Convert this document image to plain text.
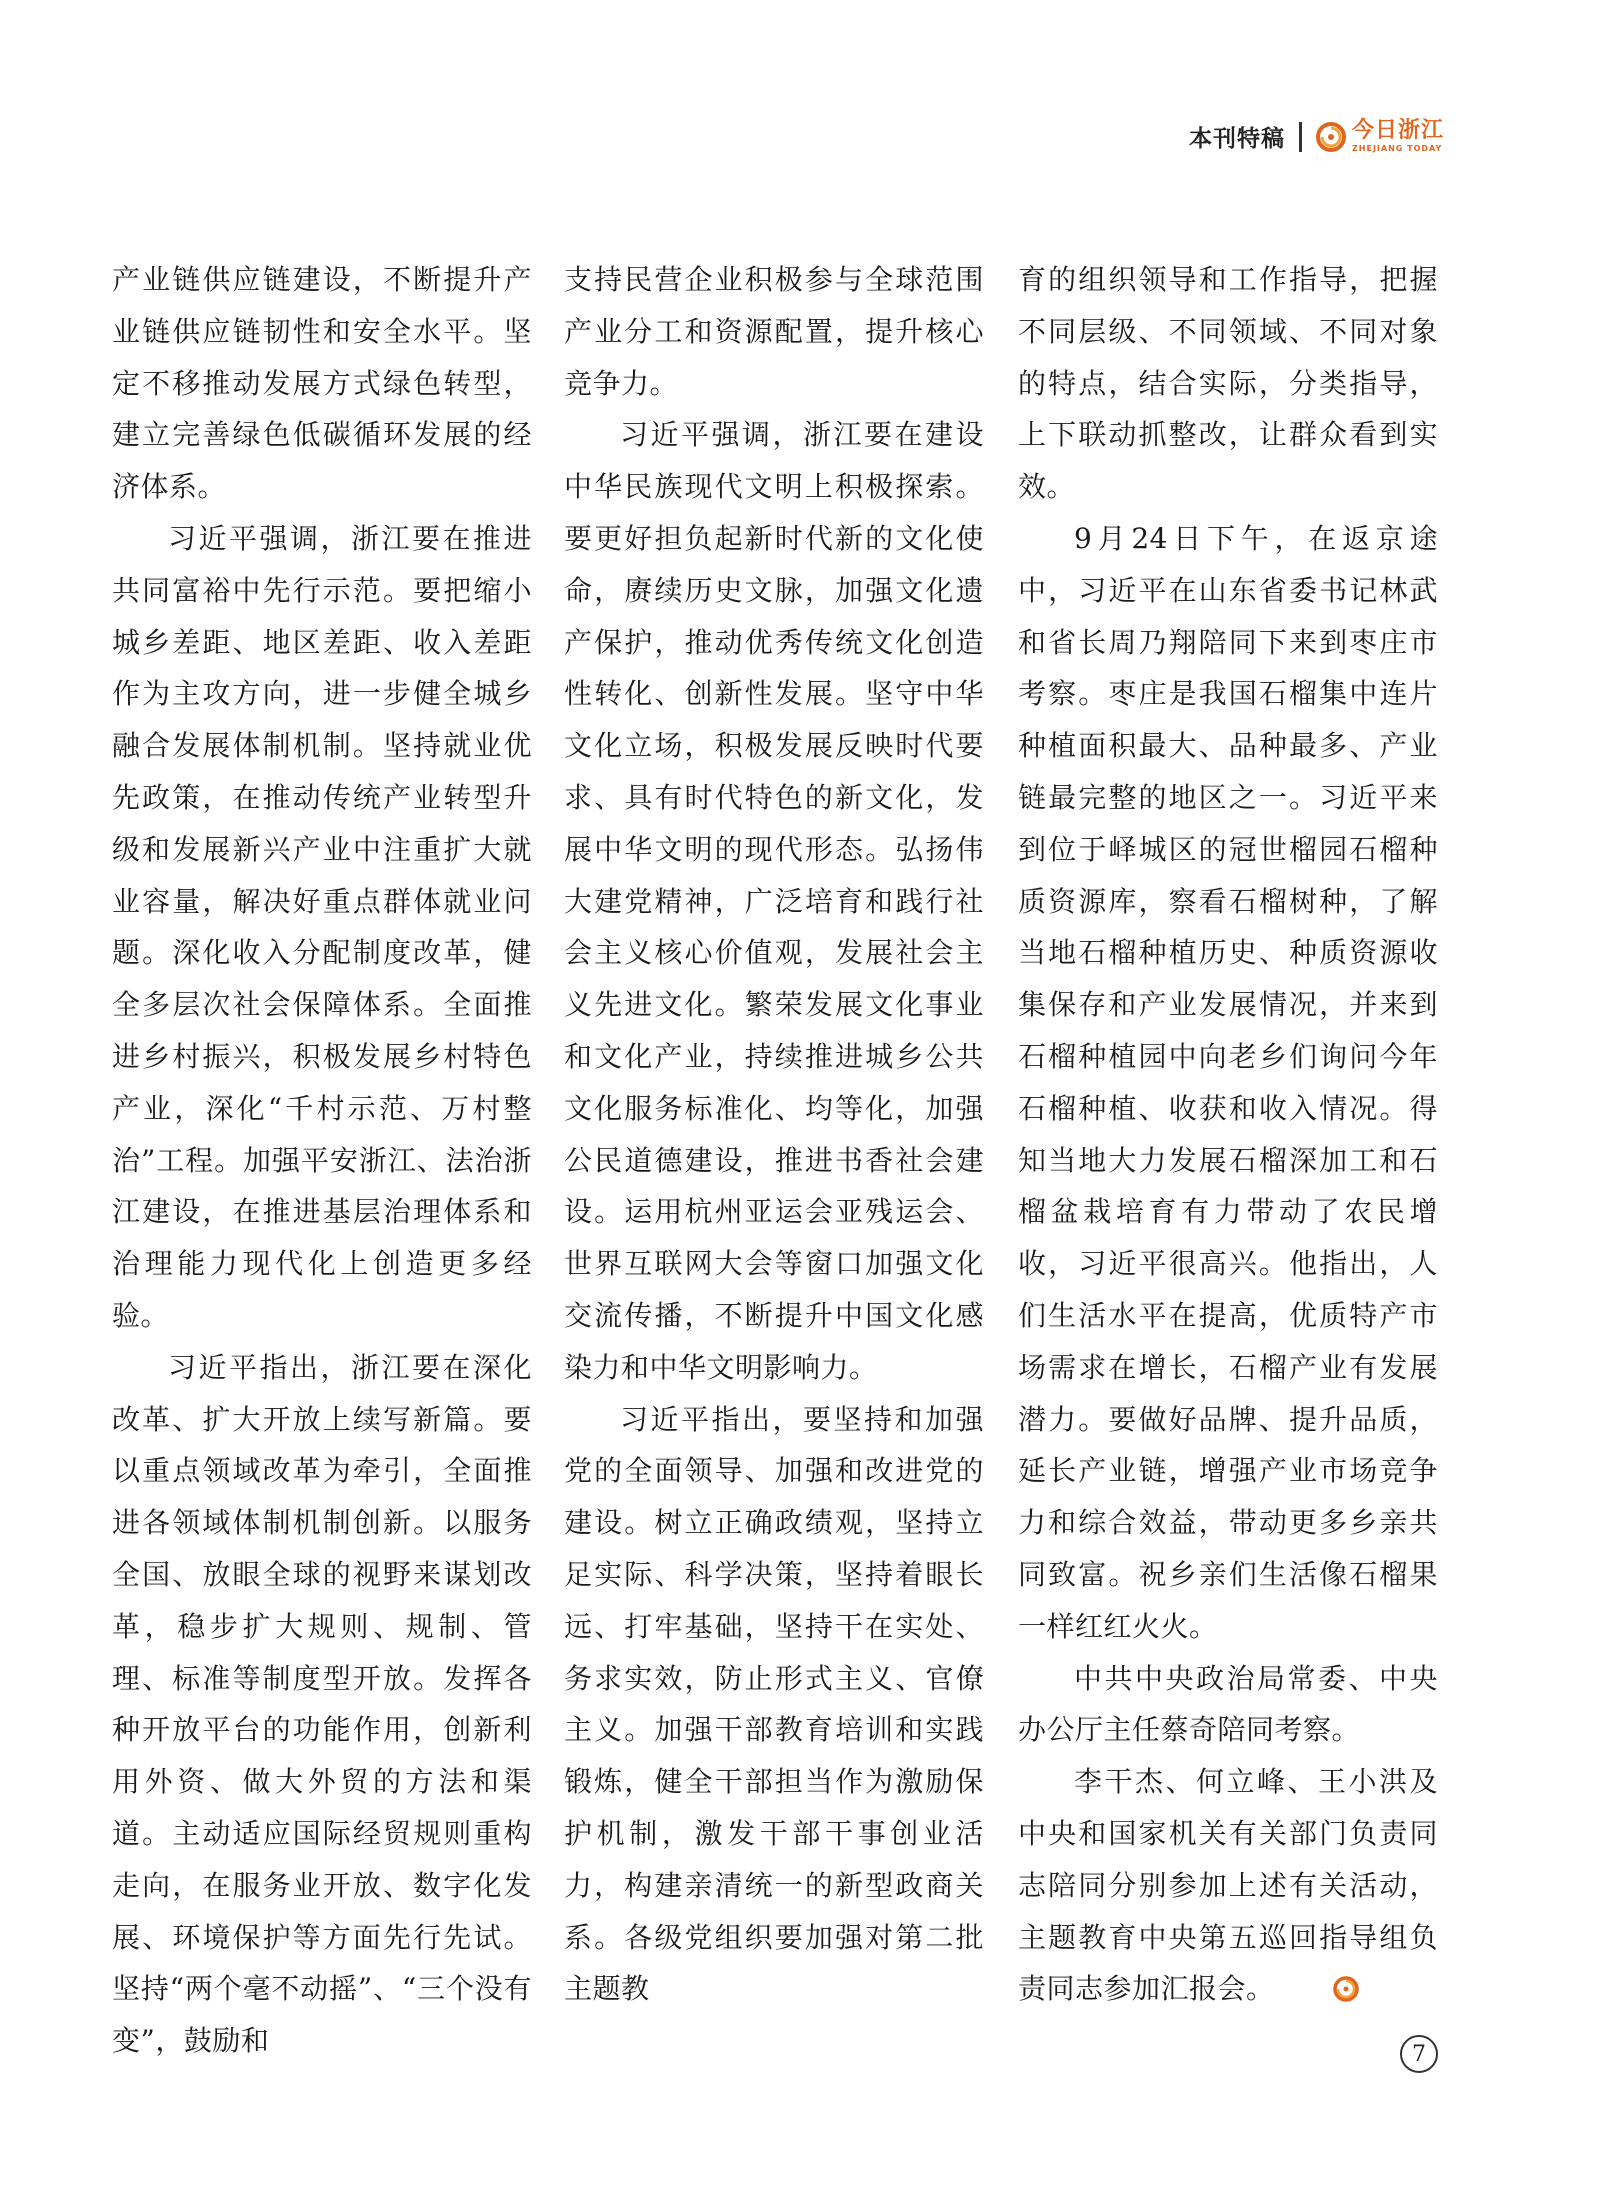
本刊特稿	今日浙江
ZHEJIANG TODAY

产业链供应链建设，不断提升产业链供应链韧性和安全水平。坚定不移推动发展方式绿色转型，建立完善绿色低碳循环发展的经济体系。

习近平强调，浙江要在推进共同富裕中先行示范。要把缩小城乡差距、地区差距、收入差距作为主攻方向，进一步健全城乡融合发展体制机制。坚持就业优先政策，在推动传统产业转型升级和发展新兴产业中注重扩大就业容量，解决好重点群体就业问题。深化收入分配制度改革，健全多层次社会保障体系。全面推进乡村振兴，积极发展乡村特色产业，深化“千村示范、万村整治”工程。加强平安浙江、法治浙江建设，在推进基层治理体系和治理能力现代化上创造更多经验。

习近平指出，浙江要在深化改革、扩大开放上续写新篇。要以重点领域改革为牵引，全面推进各领域体制机制创新。以服务全国、放眼全球的视野来谋划改革，稳步扩大规则、规制、管理、标准等制度型开放。发挥各种开放平台的功能作用，创新利用外资、做大外贸的方法和渠道。主动适应国际经贸规则重构走向，在服务业开放、数字化发展、环境保护等方面先行先试。坚持“两个毫不动摇”、“三个没有变”，鼓励和

支持民营企业积极参与全球范围产业分工和资源配置，提升核心竞争力。

习近平强调，浙江要在建设中华民族现代文明上积极探索。要更好担负起新时代新的文化使命，赓续历史文脉，加强文化遗产保护，推动优秀传统文化创造性转化、创新性发展。坚守中华文化立场，积极发展反映时代要求、具有时代特色的新文化，发展中华文明的现代形态。弘扬伟大建党精神，广泛培育和践行社会主义核心价值观，发展社会主义先进文化。繁荣发展文化事业和文化产业，持续推进城乡公共文化服务标准化、均等化，加强公民道德建设，推进书香社会建设。运用杭州亚运会亚残运会、世界互联网大会等窗口加强文化交流传播，不断提升中国文化感染力和中华文明影响力。

习近平指出，要坚持和加强党的全面领导、加强和改进党的建设。树立正确政绩观，坚持立足实际、科学决策，坚持着眼长远、打牢基础，坚持干在实处、务求实效，防止形式主义、官僚主义。加强干部教育培训和实践锻炼，健全干部担当作为激励保护机制，激发干部干事创业活力，构建亲清统一的新型政商关系。各级党组织要加强对第二批主题教

育的组织领导和工作指导，把握不同层级、不同领域、不同对象的特点，结合实际，分类指导，上下联动抓整改，让群众看到实效。

9月24日下午，在返京途中，习近平在山东省委书记林武和省长周乃翔陪同下来到枣庄市考察。枣庄是我国石榴集中连片种植面积最大、品种最多、产业链最完整的地区之一。习近平来到位于峄城区的冠世榴园石榴种质资源库，察看石榴树种，了解当地石榴种植历史、种质资源收集保存和产业发展情况，并来到石榴种植园中向老乡们询问今年石榴种植、收获和收入情况。得知当地大力发展石榴深加工和石榴盆栽培育有力带动了农民增收，习近平很高兴。他指出，人们生活水平在提高，优质特产市场需求在增长，石榴产业有发展潜力。要做好品牌、提升品质，延长产业链，增强产业市场竞争力和综合效益，带动更多乡亲共同致富。祝乡亲们生活像石榴果一样红红火火。

中共中央政治局常委、中央办公厅主任蔡奇陪同考察。

李干杰、何立峰、王小洪及中央和国家机关有关部门负责同志陪同分别参加上述有关活动，主题教育中央第五巡回指导组负责同志参加汇报会。

7
